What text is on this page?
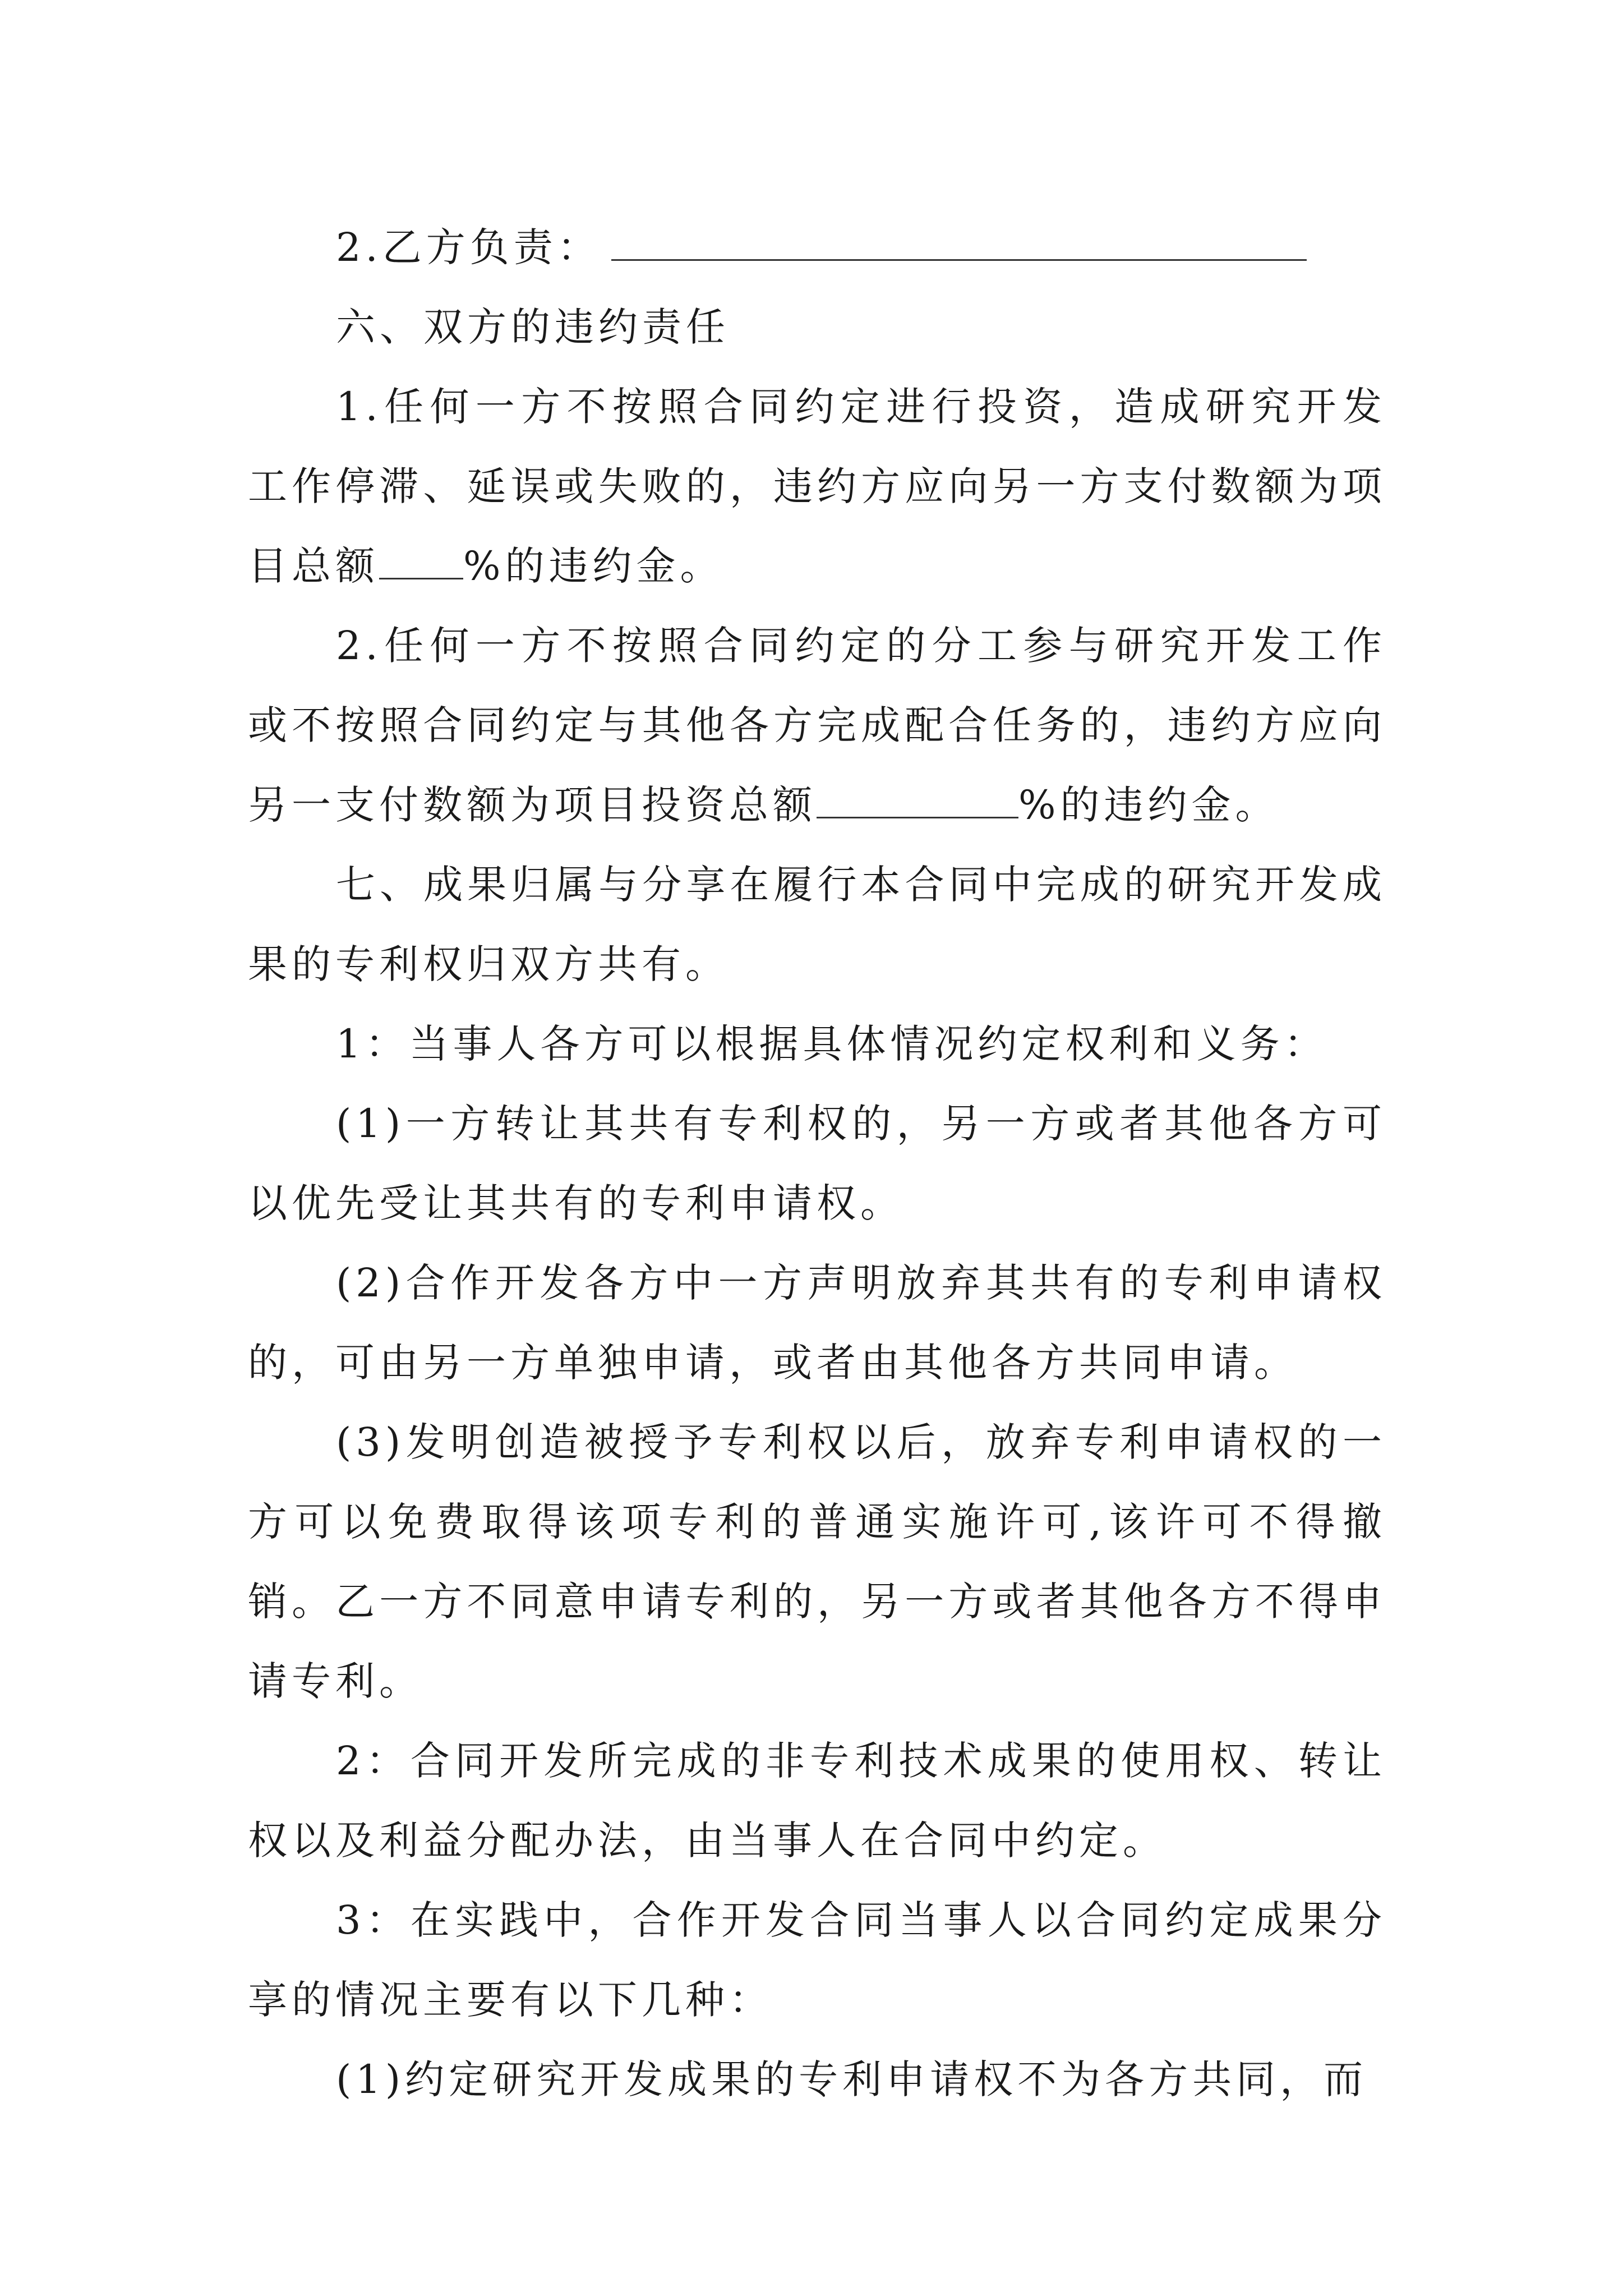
2.乙方负责：

六、双方的违约责任

1.任何一方不按照合同约定进行投资，造成研究开发工作停滞、延误或失败的，违约方应向另一方支付数额为项目总额 %的违约金。

2.任何一方不按照合同约定的分工参与研究开发工作或不按照合同约定与其他各方完成配合任务的，违约方应向另一支付数额为项目投资总额	%的违约金。

七、成果归属与分享在履行本合同中完成的研究开发成果的专利权归双方共有。

1：当事人各方可以根据具体情况约定权利和义务：

(1)一方转让其共有专利权的，另一方或者其他各方可以优先受让其共有的专利申请权。

(2)合作开发各方中一方声明放弃其共有的专利申请权的，可由另一方单独申请，或者由其他各方共同申请。

(3)发明创造被授予专利权以后，放弃专利申请权的一方可以免费取得该项专利的普通实施许可,该许可不得撤销。乙一方不同意申请专利的，另一方或者其他各方不得申请专利。

2：合同开发所完成的非专利技术成果的使用权、转让权以及利益分配办法，由当事人在合同中约定。

3：在实践中，合作开发合同当事人以合同约定成果分享的情况主要有以下几种：

(1)约定研究开发成果的专利申请权不为各方共同，而
